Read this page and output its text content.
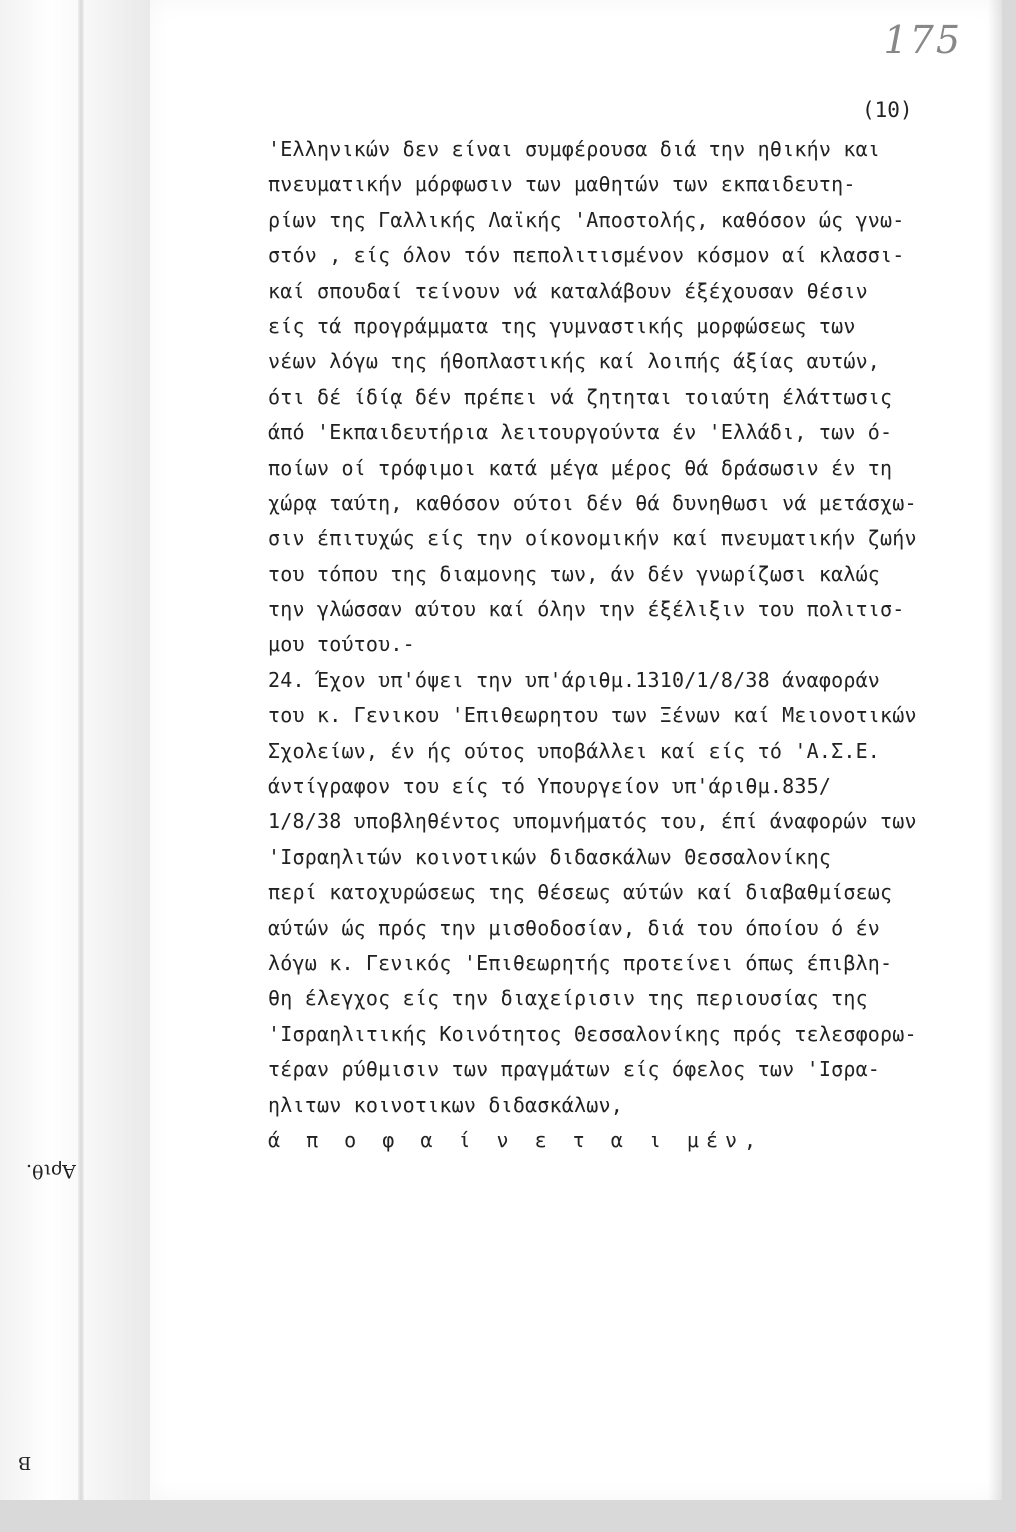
Αριθ.
B
175
(10)
'Ελληνικών δεν είναι συμφέρουσα διά την ηθικήν και
πνευματικήν μόρφωσιν των μαθητών των εκπαιδευτη-
ρίων της Γαλλικής Λαϊκής 'Αποστολής, καθόσον ώς γνω-
στόν , είς όλον τόν πεπολιτισμένον κόσμον αί κλασσι-
καί σπουδαί τείνουν νά καταλάβουν έξέχουσαν θέσιν
είς τά προγράμματα της γυμναστικής μορφώσεως των
νέων λόγω της ήθοπλαστικής καί λοιπής άξίας αυτών,
ότι δέ ίδίᾳ δέν πρέπει νά ζητηται τοιαύτη έλάττωσις
άπό 'Εκπαιδευτήρια λειτουργούντα έν 'Ελλάδι, των ό-
ποίων οί τρόφιμοι κατά μέγα μέρος θά δράσωσιν έν τη
χώρᾳ ταύτη, καθόσον ούτοι δέν θά δυνηθωσι νά μετάσχω-
σιν έπιτυχώς είς την οίκονομικήν καί πνευματικήν ζωήν
του τόπου της διαμονης των, άν δέν γνωρίζωσι καλώς
την γλώσσαν αύτου καί όλην την έξέλιξιν του πολιτισ-
μου τούτου.-
24. Έχον υπ'όψει την υπ'άριθμ.1310/1/8/38 άναφοράν
του κ. Γενικου 'Επιθεωρητου των Ξένων καί Μειονοτικών
Σχολείων, έν ής ούτος υποβάλλει καί είς τό 'Α.Σ.Ε.
άντίγραφον του είς τό Υπουργείον υπ'άριθμ.835/
1/8/38 υποβληθέντος υπομνήματός του, έπί άναφορών των
'Ισραηλιτών κοινοτικών διδασκάλων Θεσσαλονίκης
περί κατοχυρώσεως της θέσεως αύτών καί διαβαθμίσεως
αύτών ώς πρός την μισθοδοσίαν, διά του όποίου ό έν
λόγω κ. Γενικός 'Επιθεωρητής προτείνει όπως έπιβλη-
θη έλεγχος είς την διαχείρισιν της περιουσίας της
'Ισραηλιτικής Κοινότητος Θεσσαλονίκης πρός τελεσφορω-
τέραν ρύθμισιν των πραγμάτων είς όφελος των 'Ισρα-
ηλιτων κοινοτικων διδασκάλων,
ά π ο φ α ί ν ε τ α ι μέν,
